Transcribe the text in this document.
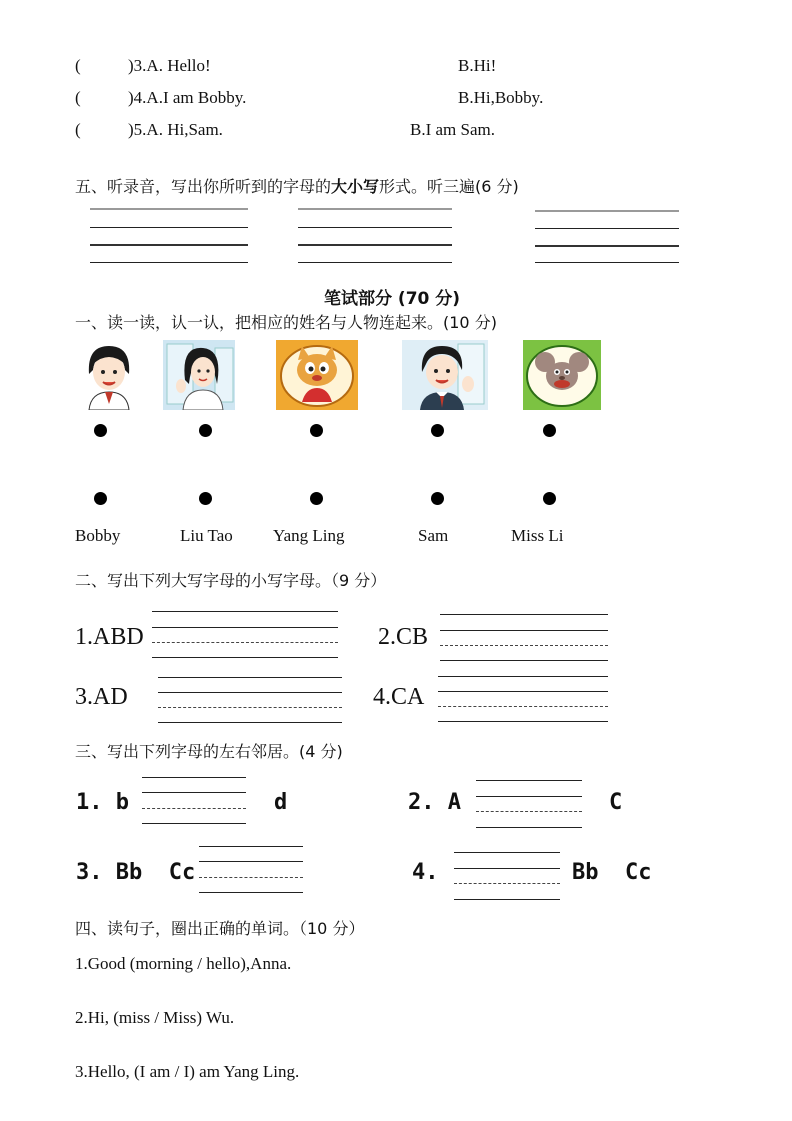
(	)3.A. Hello!	B.Hi!
(	)4.A.I am Bobby.	B.Hi,Bobby.
(	)5.A. Hi,Sam.	B.I am Sam.
五、听录音，写出你所听到的字母的大小写形式。听三遍(6 分)
笔试部分 (70 分)
一、读一读，认一认，把相应的姓名与人物连起来。(10 分)
Bobby	Liu Tao Yang Ling	Sam	Miss Li
二、写出下列大写字母的小写字母。（9 分）
1.ABD	2.CB
3.AD	4.CA
三、写出下列字母的左右邻居。(4 分)
1. b	d	2. A	C
3. Bb  Cc	4.	Bb  Cc
四、读句子，圈出正确的单词。（10 分）
1.Good (morning / hello),Anna.
2.Hi, (miss / Miss) Wu.
3.Hello, (I am / I) am Yang Ling.
